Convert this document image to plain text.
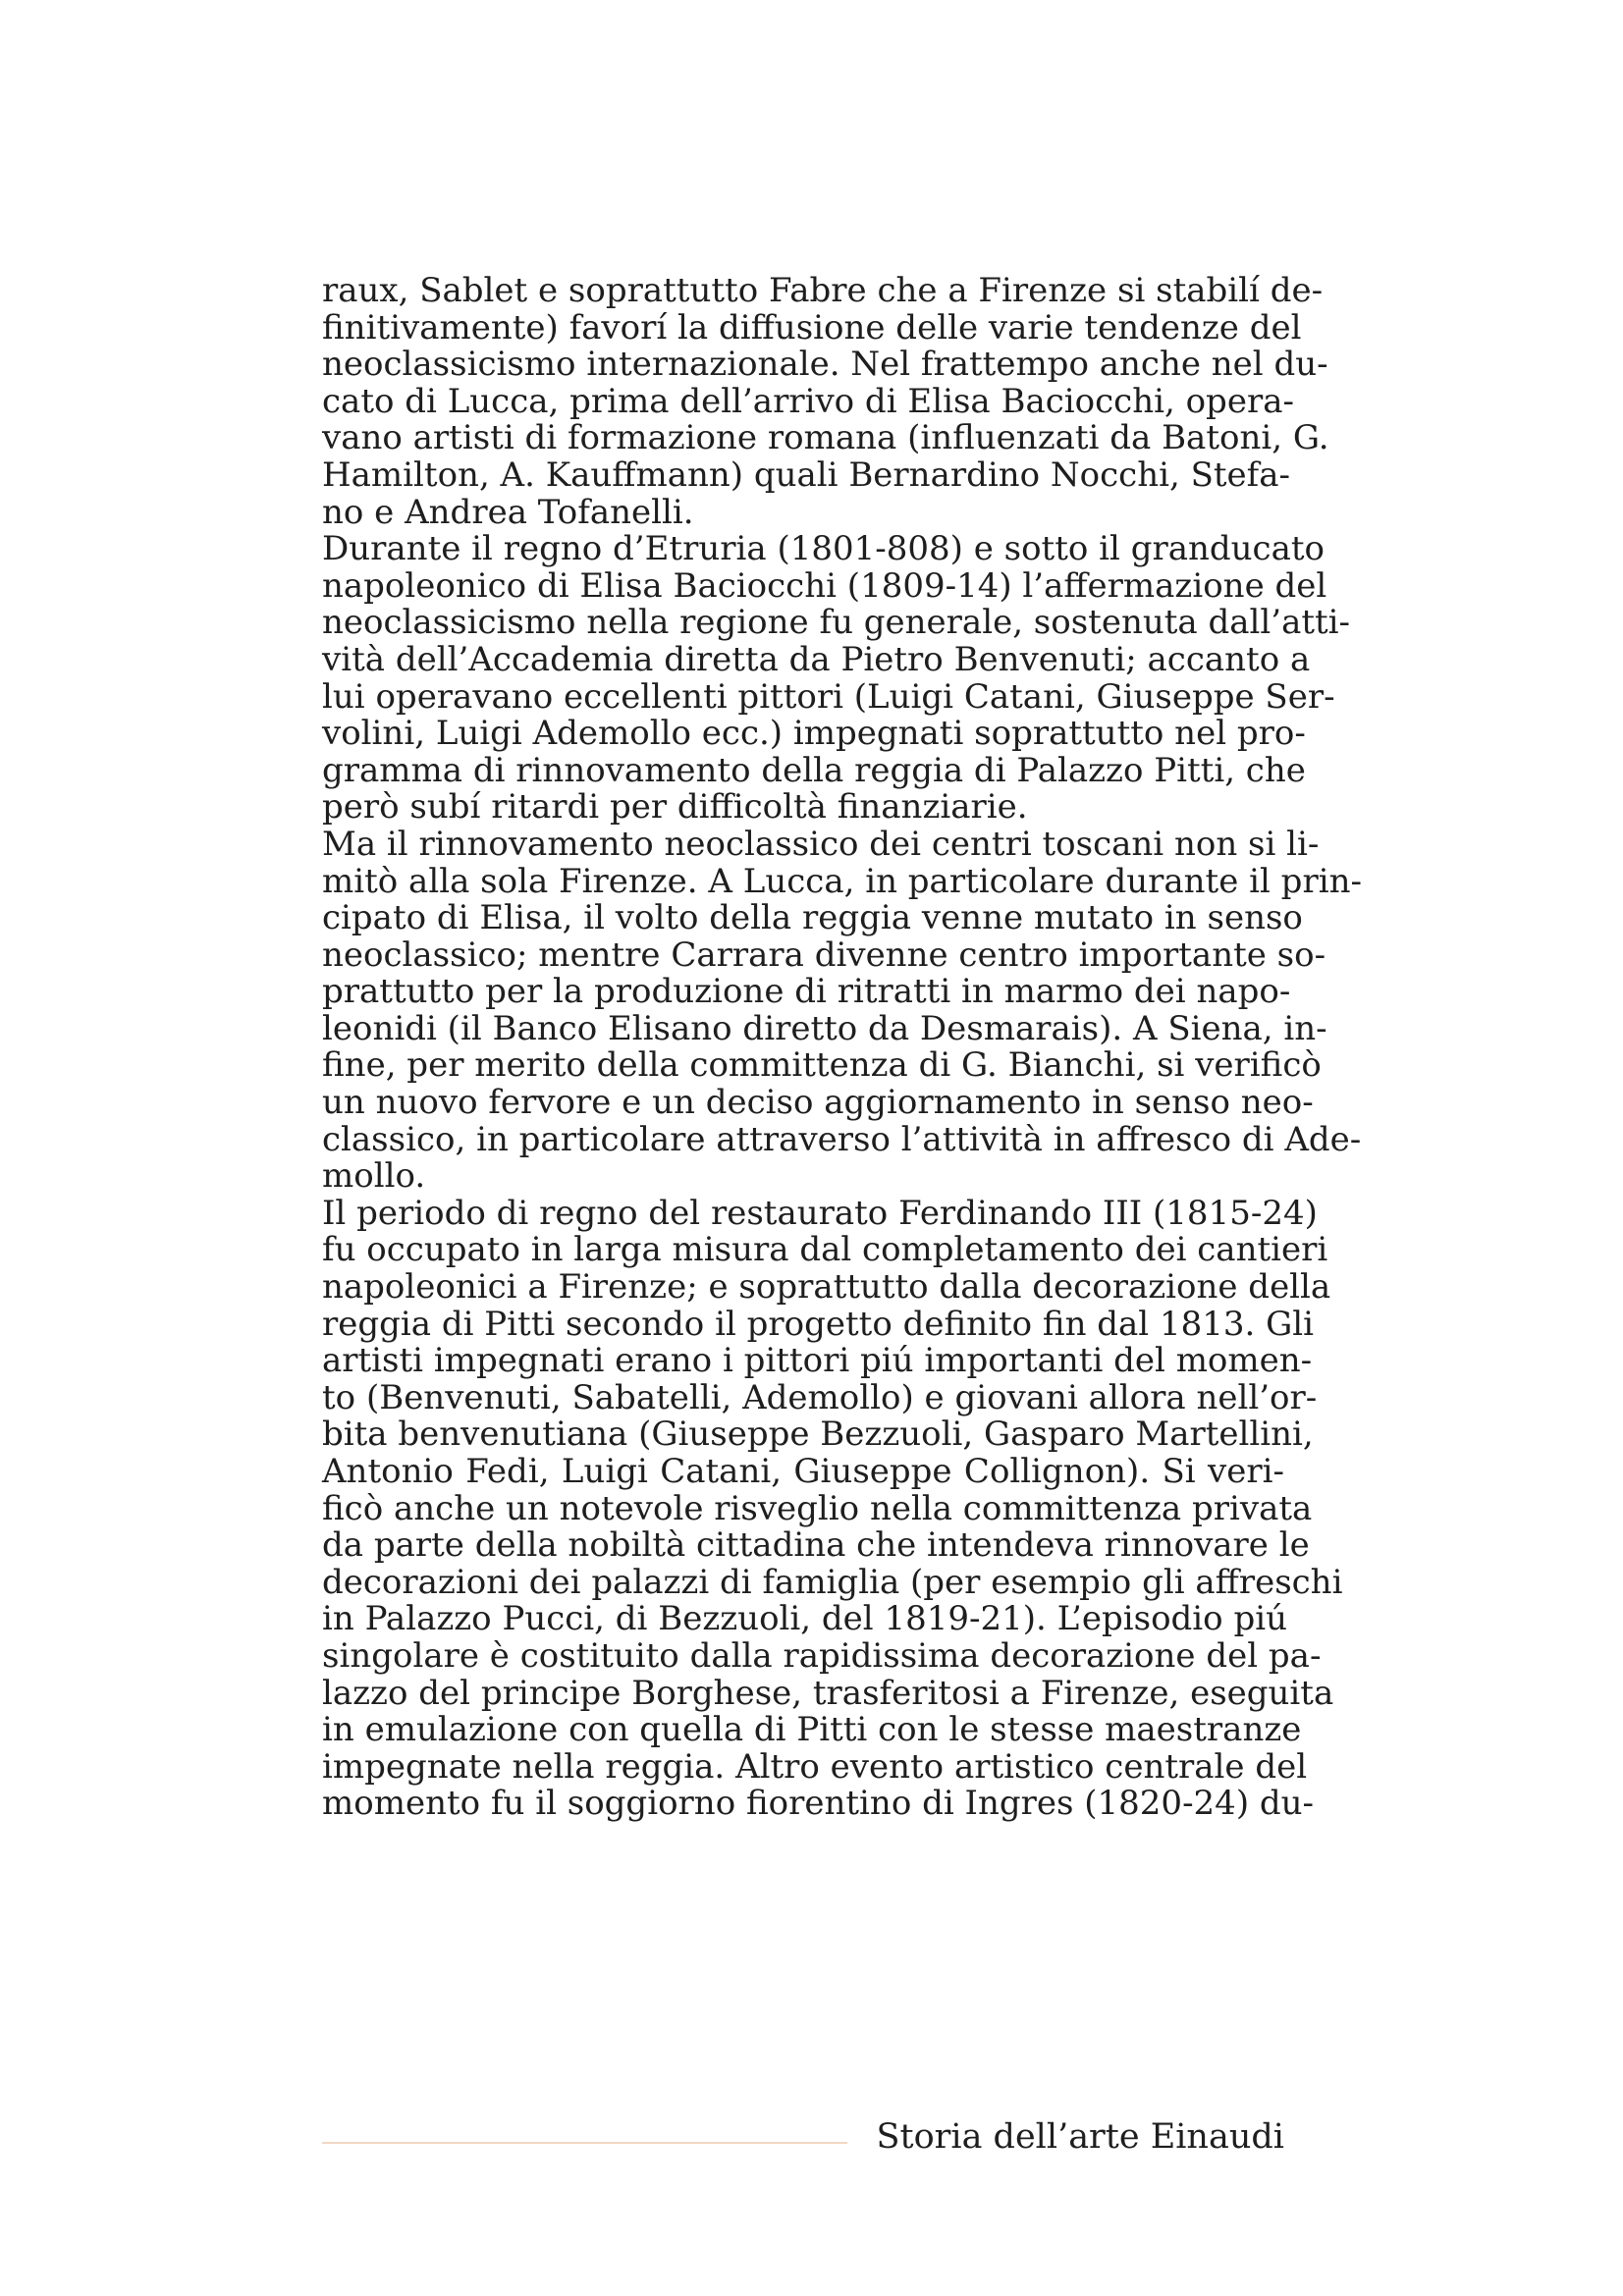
raux, Sablet e soprattutto Fabre che a Firenze si stabilí de-
finitivamente) favorí la diffusione delle varie tendenze del
neoclassicismo internazionale. Nel frattempo anche nel du-
cato di Lucca, prima dell’arrivo di Elisa Baciocchi, opera-
vano artisti di formazione romana (influenzati da Batoni, G.
Hamilton, A. Kauffmann) quali Bernardino Nocchi, Stefa-
no e Andrea Tofanelli.
Durante il regno d’Etruria (1801-808) e sotto il granducato
napoleonico di Elisa Baciocchi (1809-14) l’affermazione del
neoclassicismo nella regione fu generale, sostenuta dall’atti-
vità dell’Accademia diretta da Pietro Benvenuti; accanto a
lui operavano eccellenti pittori (Luigi Catani, Giuseppe Ser-
volini, Luigi Ademollo ecc.) impegnati soprattutto nel pro-
gramma di rinnovamento della reggia di Palazzo Pitti, che
però subí ritardi per difficoltà finanziarie.
Ma il rinnovamento neoclassico dei centri toscani non si li-
mitò alla sola Firenze. A Lucca, in particolare durante il prin-
cipato di Elisa, il volto della reggia venne mutato in senso
neoclassico; mentre Carrara divenne centro importante so-
prattutto per la produzione di ritratti in marmo dei napo-
leonidi (il Banco Elisano diretto da Desmarais). A Siena, in-
fine, per merito della committenza di G. Bianchi, si verificò
un nuovo fervore e un deciso aggiornamento in senso neo-
classico, in particolare attraverso l’attività in affresco di Ade-
mollo.
Il periodo di regno del restaurato Ferdinando III (1815-24)
fu occupato in larga misura dal completamento dei cantieri
napoleonici a Firenze; e soprattutto dalla decorazione della
reggia di Pitti secondo il progetto definito fin dal 1813. Gli
artisti impegnati erano i pittori piú importanti del momen-
to (Benvenuti, Sabatelli, Ademollo) e giovani allora nell’or-
bita benvenutiana (Giuseppe Bezzuoli, Gasparo Martellini,
Antonio Fedi, Luigi Catani, Giuseppe Collignon). Si veri-
ficò anche un notevole risveglio nella committenza privata
da parte della nobiltà cittadina che intendeva rinnovare le
decorazioni dei palazzi di famiglia (per esempio gli affreschi
in Palazzo Pucci, di Bezzuoli, del 1819-21). L’episodio piú
singolare è costituito dalla rapidissima decorazione del pa-
lazzo del principe Borghese, trasferitosi a Firenze, eseguita
in emulazione con quella di Pitti con le stesse maestranze
impegnate nella reggia. Altro evento artistico centrale del
momento fu il soggiorno fiorentino di Ingres (1820-24) du-
Storia dell’arte Einaudi
